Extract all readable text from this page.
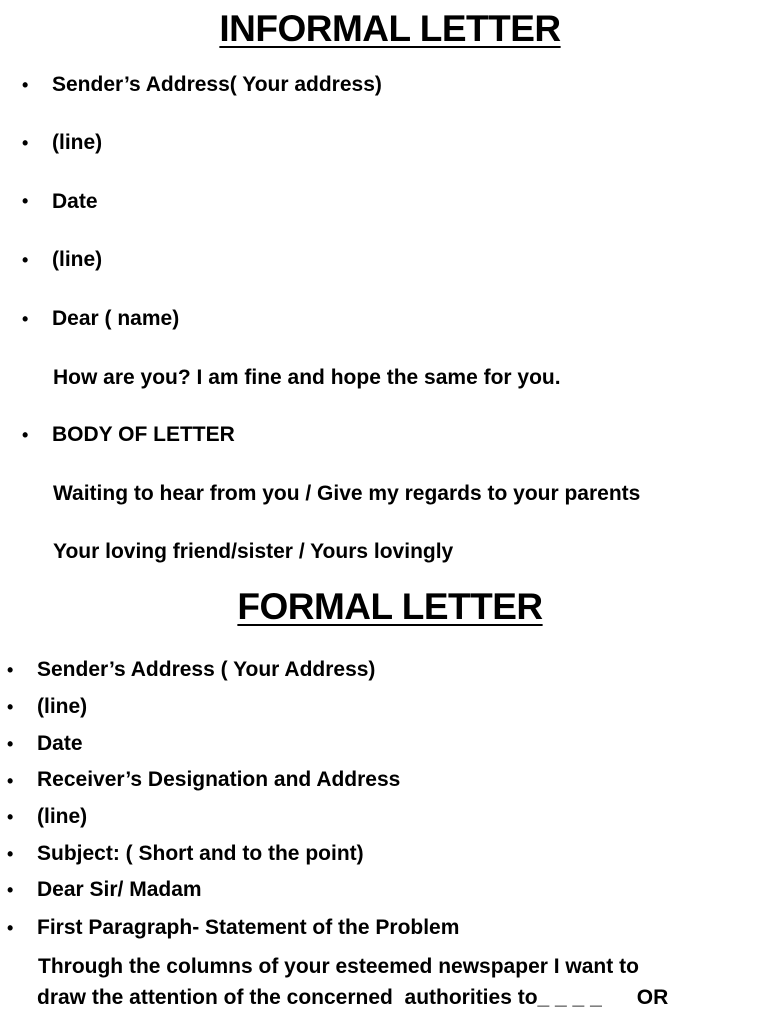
INFORMAL LETTER
• Sender’s Address( Your address)
• (line)
• Date
• (line)
• Dear ( name)
How are you? I am fine and hope the same for you.
• BODY OF LETTER
Waiting to hear from you / Give my regards to your parents
Your loving friend/sister / Yours lovingly
FORMAL LETTER
• Sender’s Address ( Your Address)
• (line)
• Date
• Receiver’s Designation and Address
• (line)
• Subject: ( Short and to the point)
• Dear Sir/ Madam
• First Paragraph- Statement of the Problem
Through the columns of your esteemed newspaper I want to
draw the attention of the concerned  authorities to_ _ _ _      OR
